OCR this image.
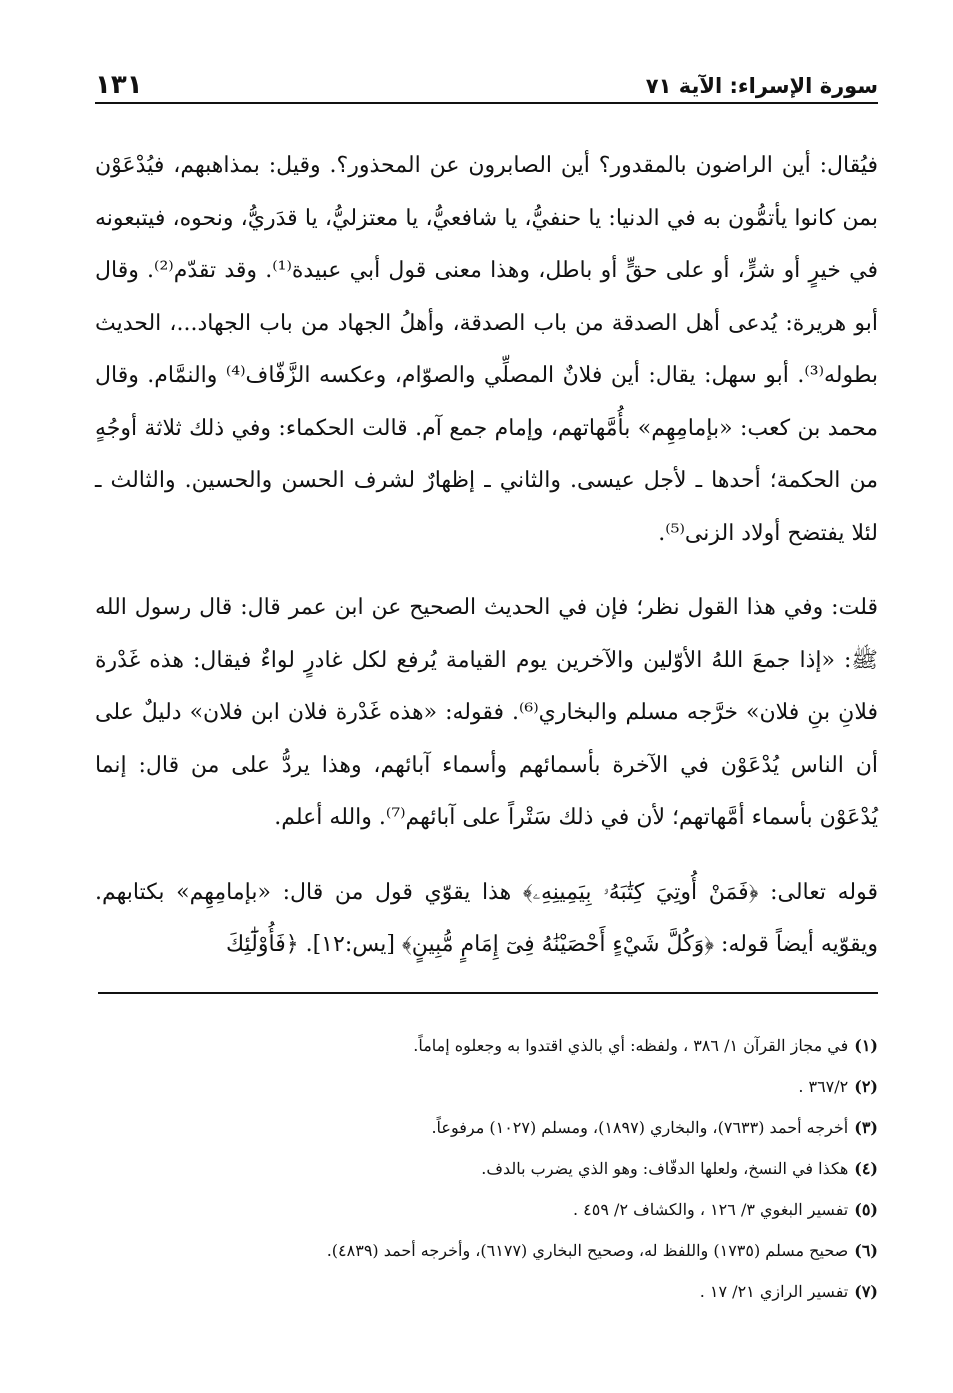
١٣١	سورة الإسراء: الآية ٧١

فيُقال: أين الراضون بالمقدور؟ أين الصابرون عن المحذور؟. وقيل: بمذاهبهم، فيُدْعَوْن بمن كانوا يأتمُّون به في الدنيا: يا حنفيُّ، يا شافعيُّ، يا معتزليُّ، يا قدَريُّ، ونحوه، فيتبعونه في خيرٍ أو شرٍّ، أو على حقٍّ أو باطل، وهذا معنى قول أبي عبيدة⁽¹⁾. وقد تقدّم⁽²⁾. وقال أبو هريرة: يُدعى أهل الصدقة من باب الصدقة، وأهلُ الجهاد من باب الجهاد...، الحديث بطوله⁽³⁾. أبو سهل: يقال: أين فلانٌ المصلِّي والصوّام، وعكسه الزَّفّاف⁽⁴⁾ والنمَّام. وقال محمد بن كعب: «بإمامِهِم» بأُمَّهاتهم، وإمام جمع آم. قالت الحكماء: وفي ذلك ثلاثة أوجُهٍ من الحكمة؛ أحدها ـ لأجل عيسى. والثاني ـ إظهارٌ لشرف الحسن والحسين. والثالث ـ لئلا يفتضح أولاد الزنى⁽⁵⁾.

قلت: وفي هذا القول نظر؛ فإن في الحديث الصحيح عن ابن عمر قال: قال رسول الله ﷺ: «إذا جمعَ اللهُ الأوّلين والآخرين يوم القيامة يُرفع لكل غادرٍ لواءٌ فيقال: هذه غَدْرة فلانِ بنِ فلان» خرَّجه مسلم والبخاري⁽⁶⁾. فقوله: «هذه غَدْرة فلان ابن فلان» دليلٌ على أن الناس يُدْعَوْن في الآخرة بأسمائهم وأسماء آبائهم، وهذا يردُّ على من قال: إنما يُدْعَوْن بأسماء أمَّهاتهم؛ لأن في ذلك سَتْراً على آبائهم⁽⁷⁾. والله أعلم.

قوله تعالى: ﴿فَمَنْ أُوتِيَ كِتَٰبَهُۥ بِيَمِينِهِۦ﴾ هذا يقوّي قول من قال: «بإمامِهِم» بكتابهم. ويقوّيه أيضاً قوله: ﴿وَكُلَّ شَيْءٍ أَحْصَيْنَٰهُ فِىٓ إِمَامٍ مُّبِينٍ﴾ [يس:١٢]. ﴿فَأُوْلَٰٓئِكَ

(١)في مجاز القرآن ١/ ٣٨٦ ، ولفظه: أي بالذي اقتدوا به وجعلوه إماماً.

(٢)٣٦٧/٢ .

(٣)أخرجه أحمد (٧٦٣٣)، والبخاري (١٨٩٧)، ومسلم (١٠٢٧) مرفوعاً.

(٤)هكذا في النسخ، ولعلها الدفّاف: وهو الذي يضرب بالدف.

(٥)تفسير البغوي ٣/ ١٢٦ ، والكشاف ٢/ ٤٥٩ .

(٦)صحيح مسلم (١٧٣٥) واللفظ له، وصحيح البخاري (٦١٧٧)، وأخرجه أحمد (٤٨٣٩).

(٧)تفسير الرازي ٢١/ ١٧ .
